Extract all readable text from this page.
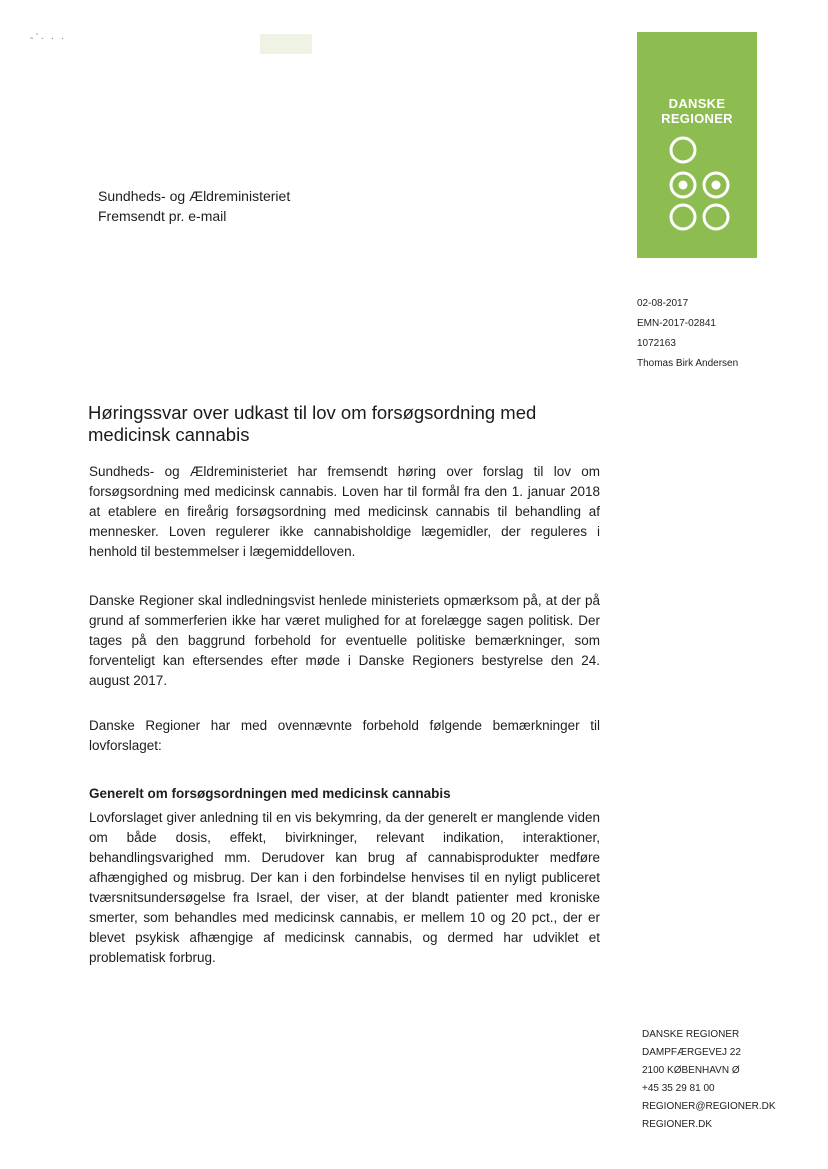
-`· · ·
DANSKE
REGIONER
Sundheds- og Ældreministeriet
Fremsendt pr. e-mail
02-08-2017
EMN-2017-02841
1072163
Thomas Birk Andersen
Høringssvar over udkast til lov om forsøgsordning med medicinsk cannabis

Sundheds- og Ældreministeriet har fremsendt høring over forslag til lov om forsøgsordning med medicinsk cannabis. Loven har til formål fra den 1. januar 2018 at etablere en fireårig forsøgsordning med medicinsk cannabis til behandling af mennesker. Loven regulerer ikke cannabisholdige lægemidler, der reguleres i henhold til bestemmelser i lægemiddelloven.

Danske Regioner skal indledningsvist henlede ministeriets opmærksom på, at der på grund af sommerferien ikke har været mulighed for at forelægge sagen politisk. Der tages på den baggrund forbehold for eventuelle politiske bemærkninger, som forventeligt kan eftersendes efter møde i Danske Regioners bestyrelse den 24. august 2017.

Danske Regioner har med ovennævnte forbehold følgende bemærkninger til lovforslaget:

Generelt om forsøgsordningen med medicinsk cannabis

Lovforslaget giver anledning til en vis bekymring, da der generelt er manglende viden om både dosis, effekt, bivirkninger, relevant indikation, interaktioner, behandlingsvarighed mm. Derudover kan brug af cannabisprodukter medføre afhængighed og misbrug. Der kan i den forbindelse henvises til en nyligt publiceret tværsnitsundersøgelse fra Israel, der viser, at der blandt patienter med kroniske smerter, som behandles med medicinsk cannabis, er mellem 10 og 20 pct., der er blevet psykisk afhængige af medicinsk cannabis, og dermed har udviklet et problematisk forbrug.

DANSKE REGIONER
DAMPFÆRGEVEJ 22
2100 KØBENHAVN Ø
+45 35 29 81 00
REGIONER@REGIONER.DK
REGIONER.DK
